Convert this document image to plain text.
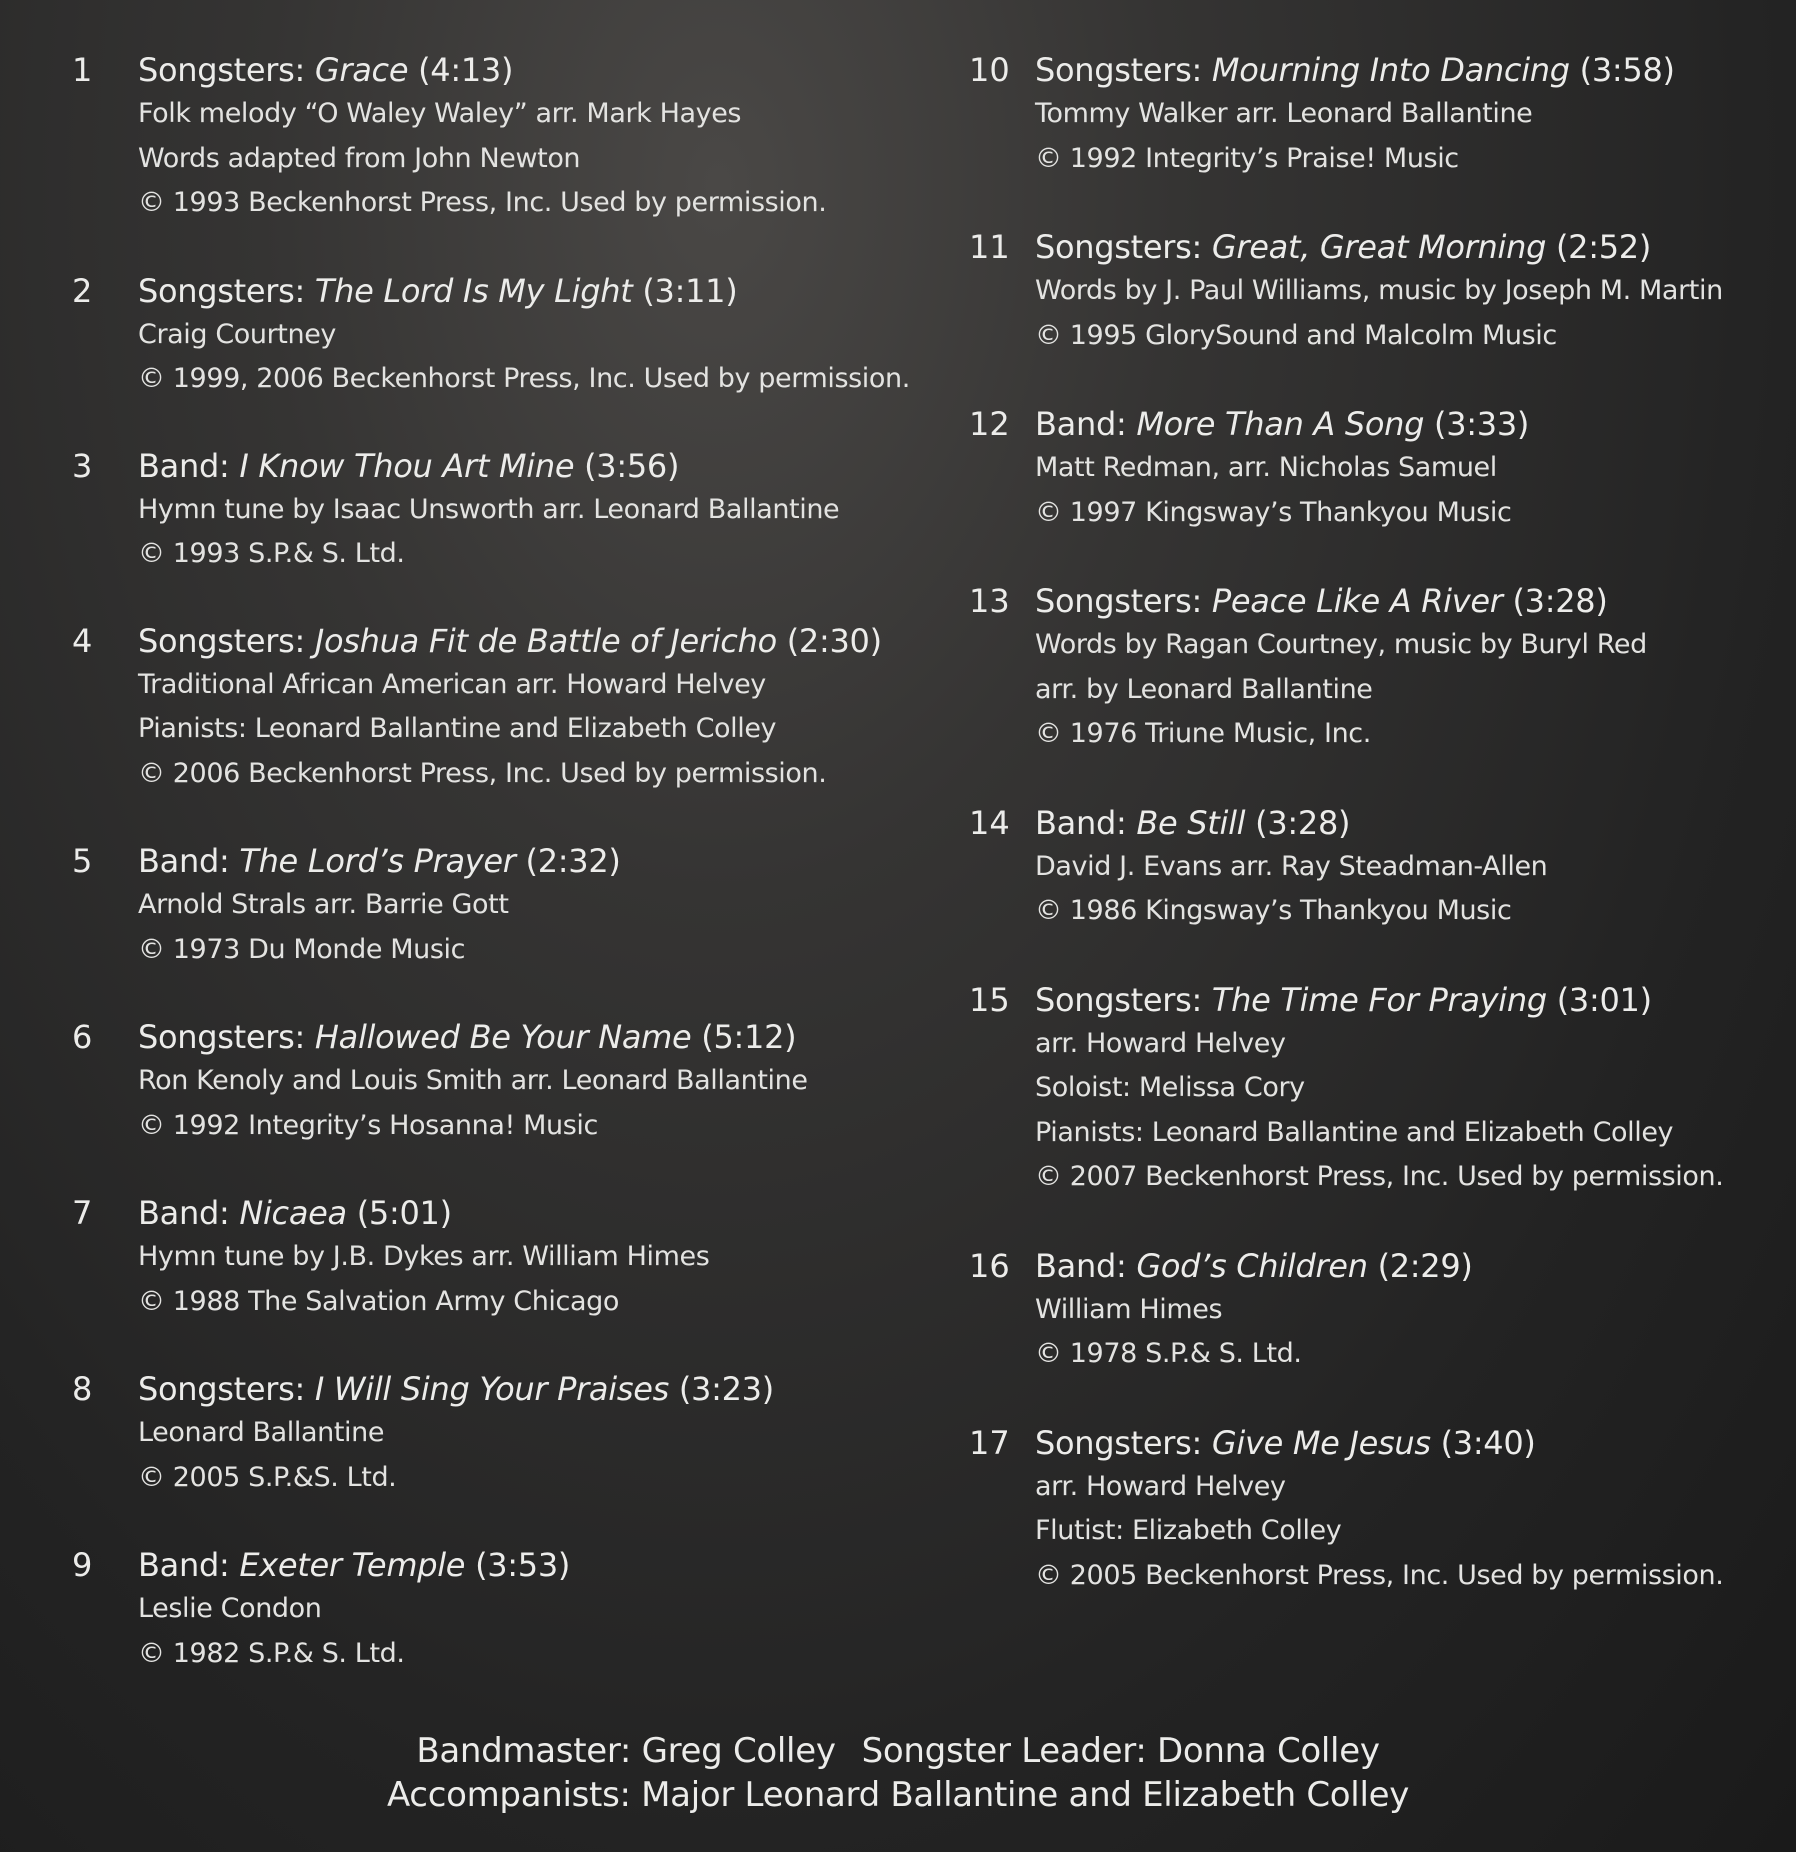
1 Songsters: Grace (4:13)
Folk melody “O Waley Waley” arr. Mark Hayes
Words adapted from John Newton
© 1993 Beckenhorst Press, Inc. Used by permission.
2 Songsters: The Lord Is My Light (3:11)
Craig Courtney
© 1999, 2006 Beckenhorst Press, Inc. Used by permission.
3 Band: I Know Thou Art Mine (3:56)
Hymn tune by Isaac Unsworth arr. Leonard Ballantine
© 1993 S.P.& S. Ltd.
4 Songsters: Joshua Fit de Battle of Jericho (2:30)
Traditional African American arr. Howard Helvey
Pianists: Leonard Ballantine and Elizabeth Colley
© 2006 Beckenhorst Press, Inc. Used by permission.
5 Band: The Lord’s Prayer (2:32)
Arnold Strals arr. Barrie Gott
© 1973 Du Monde Music
6 Songsters: Hallowed Be Your Name (5:12)
Ron Kenoly and Louis Smith arr. Leonard Ballantine
© 1992 Integrity’s Hosanna! Music
7 Band: Nicaea (5:01)
Hymn tune by J.B. Dykes arr. William Himes
© 1988 The Salvation Army Chicago
8 Songsters: I Will Sing Your Praises (3:23)
Leonard Ballantine
© 2005 S.P.&S. Ltd.
9 Band: Exeter Temple (3:53)
Leslie Condon
© 1982 S.P.& S. Ltd.
10 Songsters: Mourning Into Dancing (3:58)
Tommy Walker arr. Leonard Ballantine
© 1992 Integrity’s Praise! Music
11 Songsters: Great, Great Morning (2:52)
Words by J. Paul Williams, music by Joseph M. Martin
© 1995 GlorySound and Malcolm Music
12 Band: More Than A Song (3:33)
Matt Redman, arr. Nicholas Samuel
© 1997 Kingsway’s Thankyou Music
13 Songsters: Peace Like A River (3:28)
Words by Ragan Courtney, music by Buryl Red
arr. by Leonard Ballantine
© 1976 Triune Music, Inc.
14 Band: Be Still (3:28)
David J. Evans arr. Ray Steadman-Allen
© 1986 Kingsway’s Thankyou Music
15 Songsters: The Time For Praying (3:01)
arr. Howard Helvey
Soloist: Melissa Cory
Pianists: Leonard Ballantine and Elizabeth Colley
© 2007 Beckenhorst Press, Inc. Used by permission.
16 Band: God’s Children (2:29)
William Himes
© 1978 S.P.& S. Ltd.
17 Songsters: Give Me Jesus (3:40)
arr. Howard Helvey
Flutist: Elizabeth Colley
© 2005 Beckenhorst Press, Inc. Used by permission.
Bandmaster: Greg Colley Songster Leader: Donna Colley
Accompanists: Major Leonard Ballantine and Elizabeth Colley
